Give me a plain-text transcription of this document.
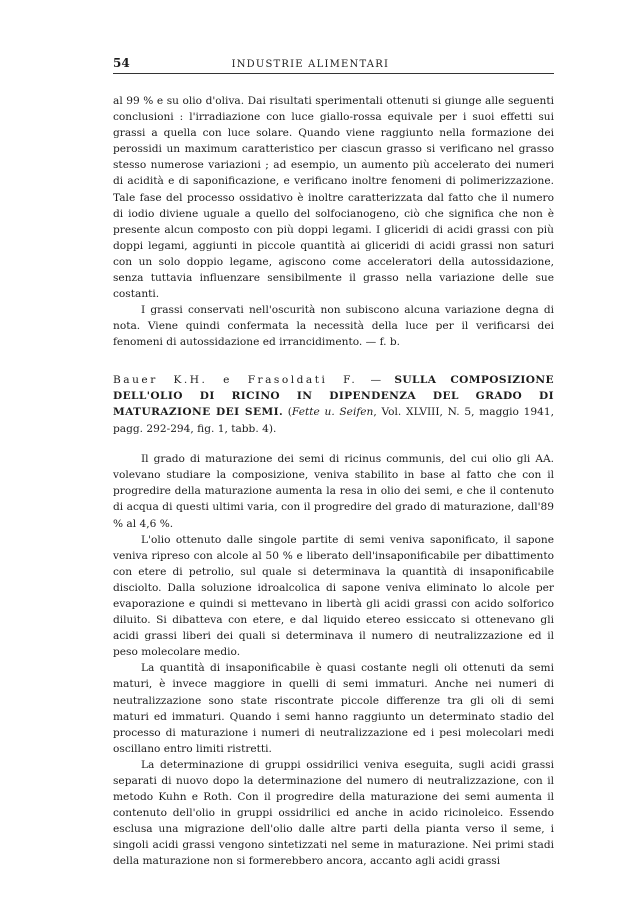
54	INDUSTRIE ALIMENTARI

al 99 % e su olio d'oliva. Dai risultati sperimentali ottenuti si giunge alle seguenti conclusioni : l'irradiazione con luce giallo-rossa equivale per i suoi effetti sui grassi a quella con luce solare. Quando viene raggiunto nella formazione dei perossidi un maximum caratteristico per ciascun grasso si verificano nel grasso stesso numerose variazioni ; ad esempio, un aumento più accelerato dei numeri di acidità e di saponificazione, e verificano inoltre fenomeni di polimerizzazione. Tale fase del processo ossidativo è inoltre caratterizzata dal fatto che il numero di iodio diviene uguale a quello del solfocianogeno, ciò che significa che non è presente alcun composto con più doppi legami. I gliceridi di acidi grassi con più doppi legami, aggiunti in piccole quantità ai gliceridi di acidi grassi non saturi con un solo doppio legame, agiscono come acceleratori della autossidazione, senza tuttavia influenzare sensibilmente il grasso nella variazione delle sue costanti.

I grassi conservati nell'oscurità non subiscono alcuna variazione degna di nota. Viene quindi confermata la necessità della luce per il verificarsi dei fenomeni di autossidazione ed irrancidimento. — f. b.

Bauer K.H. e Frasoldati F. — SULLA COMPOSIZIONE DELL'OLIO DI RICINO IN DIPENDENZA DEL GRADO DI MATURAZIONE DEI SEMI. (Fette u. Seifen, Vol. XLVIII, N. 5, maggio 1941, pagg. 292-294, fig. 1, tabb. 4).

Il grado di maturazione dei semi di ricinus communis, del cui olio gli AA. volevano studiare la composizione, veniva stabilito in base al fatto che con il progredire della maturazione aumenta la resa in olio dei semi, e che il contenuto di acqua di questi ultimi varia, con il progredire del grado di maturazione, dall'89 % al 4,6 %.

L'olio ottenuto dalle singole partite di semi veniva saponificato, il sapone veniva ripreso con alcole al 50 % e liberato dell'insaponificabile per dibattimento con etere di petrolio, sul quale si determinava la quantità di insaponificabile disciolto. Dalla soluzione idroalcolica di sapone veniva eliminato lo alcole per evaporazione e quindi si mettevano in libertà gli acidi grassi con acido solforico diluito. Si dibatteva con etere, e dal liquido etereo essiccato si ottenevano gli acidi grassi liberi dei quali si determinava il numero di neutralizzazione ed il peso molecolare medio.

La quantità di insaponificabile è quasi costante negli oli ottenuti da semi maturi, è invece maggiore in quelli di semi immaturi. Anche nei numeri di neutralizzazione sono state riscontrate piccole differenze tra gli oli di semi maturi ed immaturi. Quando i semi hanno raggiunto un determinato stadio del processo di maturazione i numeri di neutralizzazione ed i pesi molecolari medi oscillano entro limiti ristretti.

La determinazione di gruppi ossidrilici veniva eseguita, sugli acidi grassi separati di nuovo dopo la determinazione del numero di neutralizzazione, con il metodo Kuhn e Roth. Con il progredire della maturazione dei semi aumenta il contenuto dell'olio in gruppi ossidrilici ed anche in acido ricinoleico. Essendo esclusa una migrazione dell'olio dalle altre parti della pianta verso il seme, i singoli acidi grassi vengono sintetizzati nel seme in maturazione. Nei primi stadi della maturazione non si formerebbero ancora, accanto agli acidi grassi
